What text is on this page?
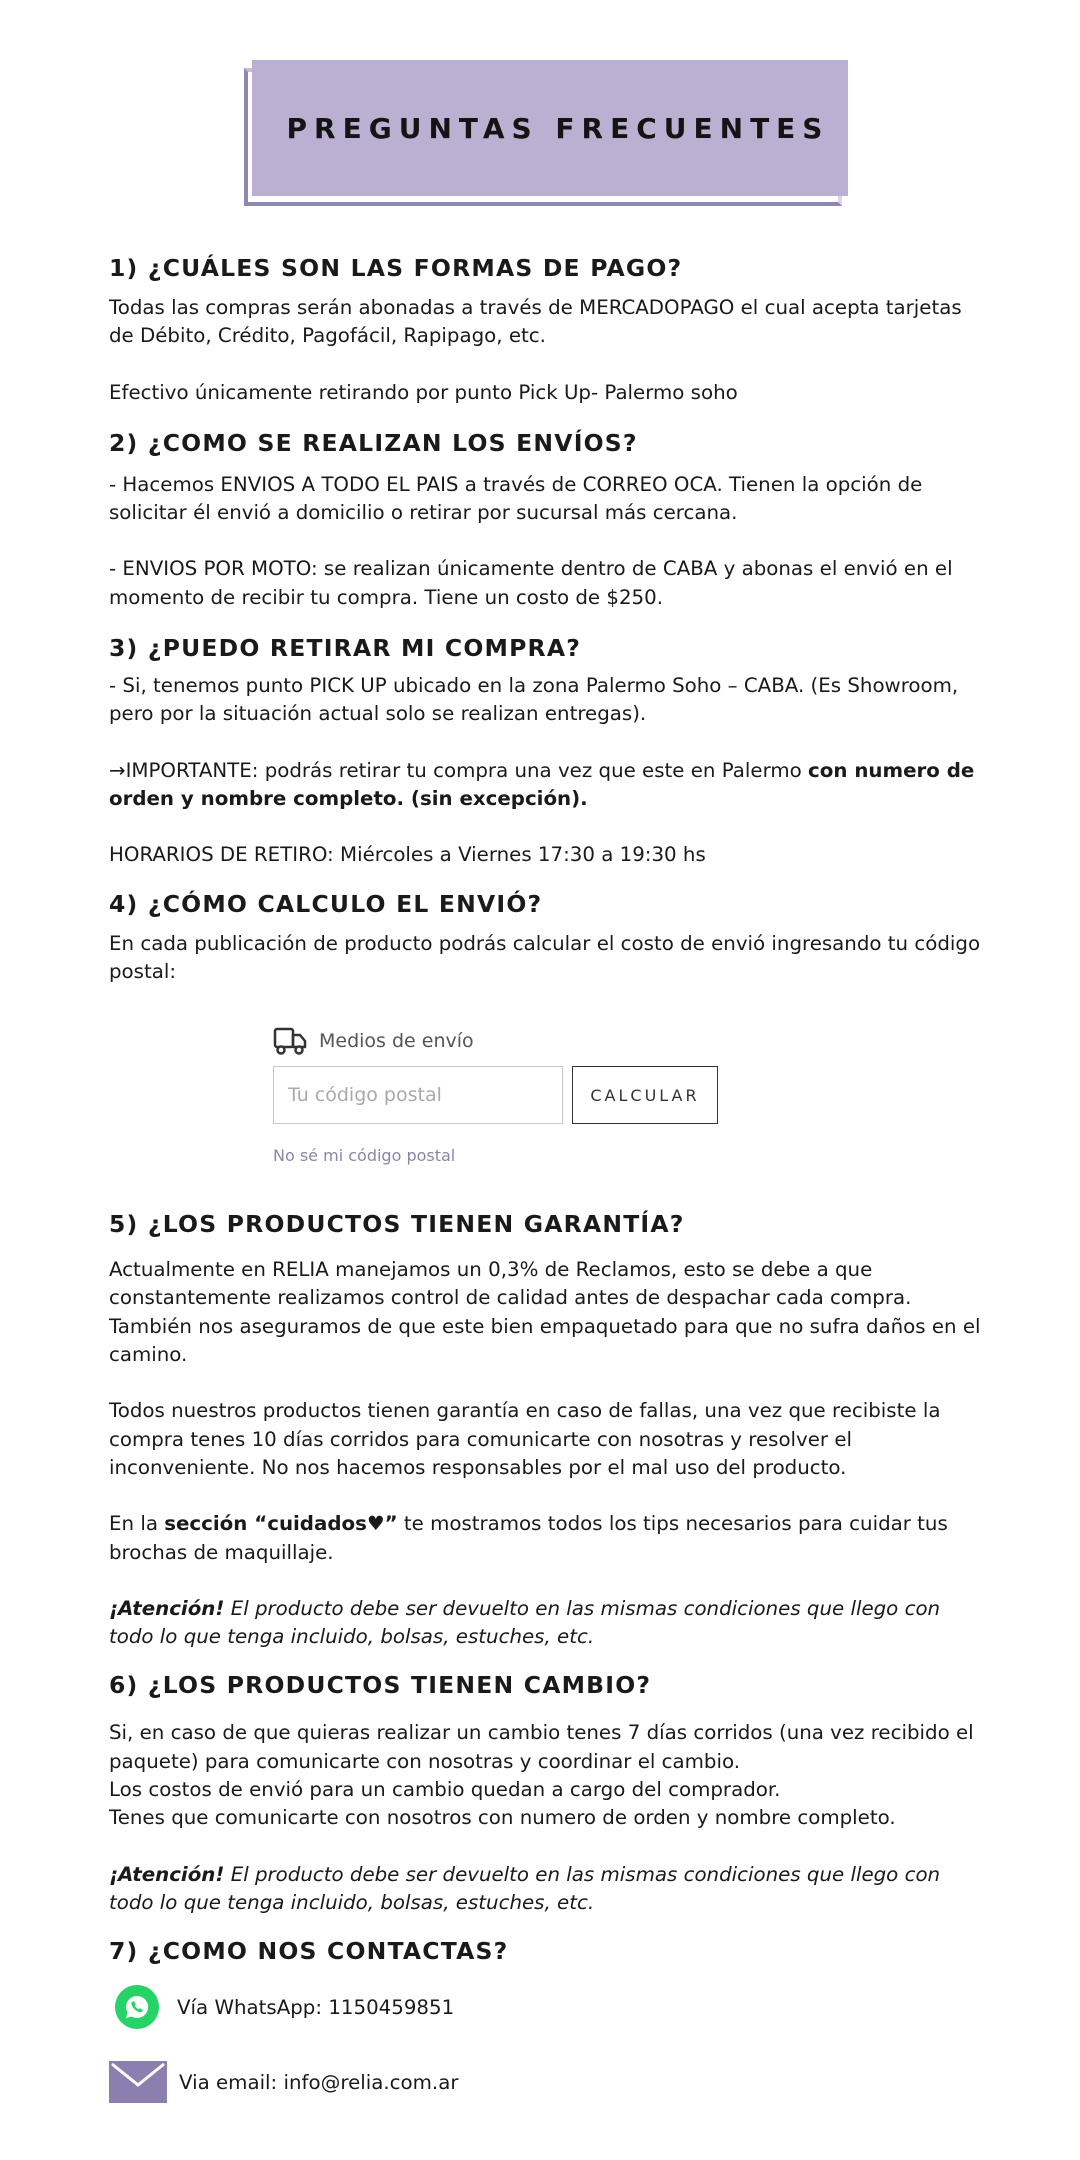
PREGUNTAS FRECUENTES
1) ¿CUÁLES SON LAS FORMAS DE PAGO?

Todas las compras serán abonadas a través de MERCADOPAGO el cual acepta tarjetas de Débito, Crédito, Pagofácil, Rapipago, etc.

Efectivo únicamente retirando por punto Pick Up- Palermo soho

2) ¿COMO SE REALIZAN LOS ENVÍOS?

- Hacemos ENVIOS A TODO EL PAIS a través de CORREO OCA. Tienen la opción de solicitar él envió a domicilio o retirar por sucursal más cercana.

- ENVIOS POR MOTO: se realizan únicamente dentro de CABA y abonas el envió en el momento de recibir tu compra. Tiene un costo de $250.

3) ¿PUEDO RETIRAR MI COMPRA?

- Si, tenemos punto PICK UP ubicado en la zona Palermo Soho – CABA. (Es Showroom, pero por la situación actual solo se realizan entregas).

→IMPORTANTE: podrás retirar tu compra una vez que este en Palermo con numero de orden y nombre completo. (sin excepción).

HORARIOS DE RETIRO: Miércoles a Viernes 17:30 a 19:30 hs

4) ¿CÓMO CALCULO EL ENVIÓ?

En cada publicación de producto podrás calcular el costo de envió ingresando tu código postal:

Medios de envío
Tu código postal
CALCULAR
No sé mi código postal
5) ¿LOS PRODUCTOS TIENEN GARANTÍA?

Actualmente en RELIA manejamos un 0,3% de Reclamos, esto se debe a que constantemente realizamos control de calidad antes de despachar cada compra. También nos aseguramos de que este bien empaquetado para que no sufra daños en el camino.

Todos nuestros productos tienen garantía en caso de fallas, una vez que recibiste la compra tenes 10 días corridos para comunicarte con nosotras y resolver el inconveniente. No nos hacemos responsables por el mal uso del producto.

En la sección “cuidados♥” te mostramos todos los tips necesarios para cuidar tus brochas de maquillaje.

¡Atención! El producto debe ser devuelto en las mismas condiciones que llego con todo lo que tenga incluido, bolsas, estuches, etc.

6) ¿LOS PRODUCTOS TIENEN CAMBIO?

Si, en caso de que quieras realizar un cambio tenes 7 días corridos (una vez recibido el paquete) para comunicarte con nosotras y coordinar el cambio.

Los costos de envió para un cambio quedan a cargo del comprador.

Tenes que comunicarte con nosotros con numero de orden y nombre completo.

¡Atención! El producto debe ser devuelto en las mismas condiciones que llego con todo lo que tenga incluido, bolsas, estuches, etc.

7) ¿COMO NOS CONTACTAS?
Vía WhatsApp: 1150459851
Via email: info@relia.com.ar
